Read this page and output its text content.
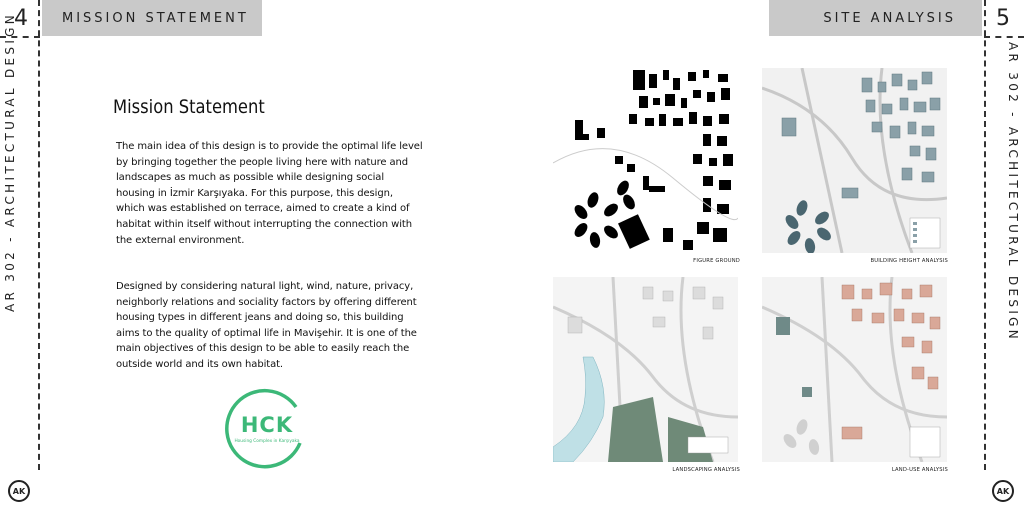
4	MISSION STATEMENT	SITE ANALYSIS	5
AR 302 - ARCHITECTURAL DESIGN	AR 302 - ARCHITECTURAL DESIGN
AK	AK
Mission Statement

The main idea of this design is to provide the optimal life level by bringing together the people living here with nature and landscapes as much as possible while designing social housing in İzmir Karşıyaka. For this purpose, this design, which was established on terrace, aimed to create a kind of habitat within itself without interrupting the connection with the external environment.

Designed by considering natural light, wind, nature, privacy, neighborly relations and sociality factors by offering different housing types in different jeans and doing so, this building aims to the quality of optimal life in Mavişehir. It is one of the main objectives of this design to be able to easily reach the outside world and its own habitat.

HCK
Housing Complex in Karşıyaka
FIGURE GROUND	BUILDING HEIGHT ANALYSIS
LANDSCAPING ANALYSIS	LAND-USE ANALYSIS
